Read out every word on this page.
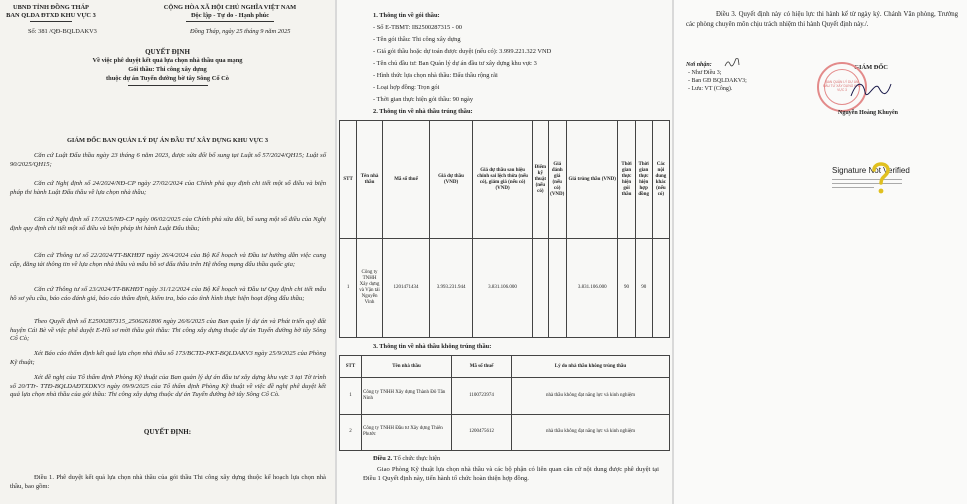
UBND TỈNH ĐỒNG THÁP
BAN QLDA ĐTXD KHU VỰC 3
CỘNG HÒA XÃ HỘI CHỦ NGHĨA VIỆT NAM
Độc lập - Tự do - Hạnh phúc
Số: 381 /QĐ-BQLDAKV3	Đồng Tháp, ngày 25 tháng 9 năm 2025
QUYẾT ĐỊNH
Về việc phê duyệt kết quả lựa chọn nhà thầu qua mạng
Gói thầu: Thi công xây dựng
thuộc dự án Tuyến đường bờ tây Sông Cổ Cò
GIÁM ĐỐC BAN QUẢN LÝ DỰ ÁN ĐẦU TƯ XÂY DỰNG KHU VỰC 3
Căn cứ Luật Đấu thầu ngày 23 tháng 6 năm 2023, được sửa đổi bổ sung tại Luật số 57/2024/QH15; Luật số 90/2025/QH15;
Căn cứ Nghị định số 24/2024/NĐ-CP ngày 27/02/2024 của Chính phủ quy định chi tiết một số điều và biện pháp thi hành Luật Đấu thầu về lựa chọn nhà thầu;
Căn cứ Nghị định số 17/2025/NĐ-CP ngày 06/02/2025 của Chính phủ sửa đổi, bổ sung một số điều của Nghị định quy định chi tiết một số điều và biện pháp thi hành Luật Đấu thầu;
Căn cứ Thông tư số 22/2024/TT-BKHĐT ngày 26/4/2024 của Bộ Kế hoạch và Đầu tư hướng dẫn việc cung cấp, đăng tải thông tin về lựa chọn nhà thầu và mẫu hồ sơ đấu thầu trên Hệ thống mạng đấu thầu quốc gia;
Căn cứ Thông tư số 23/2024/TT-BKHĐT ngày 31/12/2024 của Bộ Kế hoạch và Đầu tư Quy định chi tiết mẫu hồ sơ yêu cầu, báo cáo đánh giá, báo cáo thẩm định, kiểm tra, báo cáo tình hình thực hiện hoạt động đấu thầu;
Theo Quyết định số E2500287315_2506261806 ngày 26/6/2025 của Ban quản lý dự án và Phát triển quỹ đất huyện Cái Bè về việc phê duyệt E-Hồ sơ mời thầu gói thầu: Thi công xây dựng thuộc dự án Tuyến đường bờ tây Sông Cổ Cò;
Xét Báo cáo thẩm định kết quả lựa chọn nhà thầu số 173/BCTD-PKT-BQLDAKV3 ngày 25/9/2025 của Phòng Kỹ thuật;
Xét đề nghị của Tổ thẩm định Phòng Kỹ thuật của Ban quản lý dự án đầu tư xây dựng khu vực 3 tại Tờ trình số 20/TTr- TTĐ-BQLDAĐTXDKV3 ngày 09/9/2025 của Tổ thẩm định Phòng Kỹ thuật về việc đề nghị phê duyệt kết quả lựa chọn nhà thầu của gói thầu: Thi công xây dựng thuộc dự án Tuyến đường bờ tây Sông Cổ Cò.
QUYẾT ĐỊNH:
Điều 1. Phê duyệt kết quả lựa chọn nhà thầu của gói thầu Thi công xây dựng thuộc kế hoạch lựa chọn nhà thầu, bao gồm:
1. Thông tin về gói thầu:
- Số E-TBMT: IB2500287315 - 00
- Tên gói thầu: Thi công xây dựng
- Giá gói thầu hoặc dự toán được duyệt (nếu có): 3.999.221.322 VND
- Tên chủ đầu tư: Ban Quản lý dự án đầu tư xây dựng khu vực 3
- Hình thức lựa chọn nhà thầu: Đấu thầu rộng rãi
- Loại hợp đồng: Trọn gói
- Thời gian thực hiện gói thầu: 90 ngày
2. Thông tin về nhà thầu trúng thầu:
STT	Tên nhà thầu	Mã số thuế	Giá dự thầu (VND)	Giá dự thầu sau hiệu chỉnh sai lệch thừa (nếu có), giảm giá (nếu có) (VND)	Điểm kỹ thuật (nếu có)	Giá đánh giá (nếu có) (VND)	Giá trúng thầu (VND)	Thời gian thực hiện gói thầu	Thời gian thực hiện hợp đồng	Các nội dung khác (nếu có)
1	Công ty TNHH Xây dựng và Vận tải Nguyễn Vinh	1201471434	3.993.231.944	3.831.106.000			3.831.106.000	90	90	
3. Thông tin về nhà thầu không trúng thầu:
STT	Tên nhà thầu	Mã số thuế	Lý do nhà thầu không trúng thầu
1	Công ty TNHH Xây dựng Thành Đô Tân Ninh	1100723974	nhà thầu không đạt năng lực và kinh nghiệm
2	Công ty TNHH Đầu tư Xây dựng Thiên Phước	1200475612	nhà thầu không đạt năng lực và kinh nghiệm
Điều 2. Tổ chức thực hiện
Giao Phòng Kỹ thuật lựa chọn nhà thầu và các bộ phận có liên quan căn cứ nội dung được phê duyệt tại Điều 1 Quyết định này, tiến hành tổ chức hoàn thiện hợp đồng.
Điều 3. Quyết định này có hiệu lực thi hành kể từ ngày ký. Chánh Văn phòng, Trưởng các phòng chuyên môn chịu trách nhiệm thi hành Quyết định này./.
Nơi nhận:
- Như Điều 3;
- Ban GĐ BQLDAKV3;
- Lưu: VT (Công).
GIÁM ĐỐC
BAN QUẢN LÝ DỰ ÁN ĐẦU TƯ XÂY DỰNG KHU VỰC 3
Nguyễn Hoàng Khuyên
Signature Not Verified
